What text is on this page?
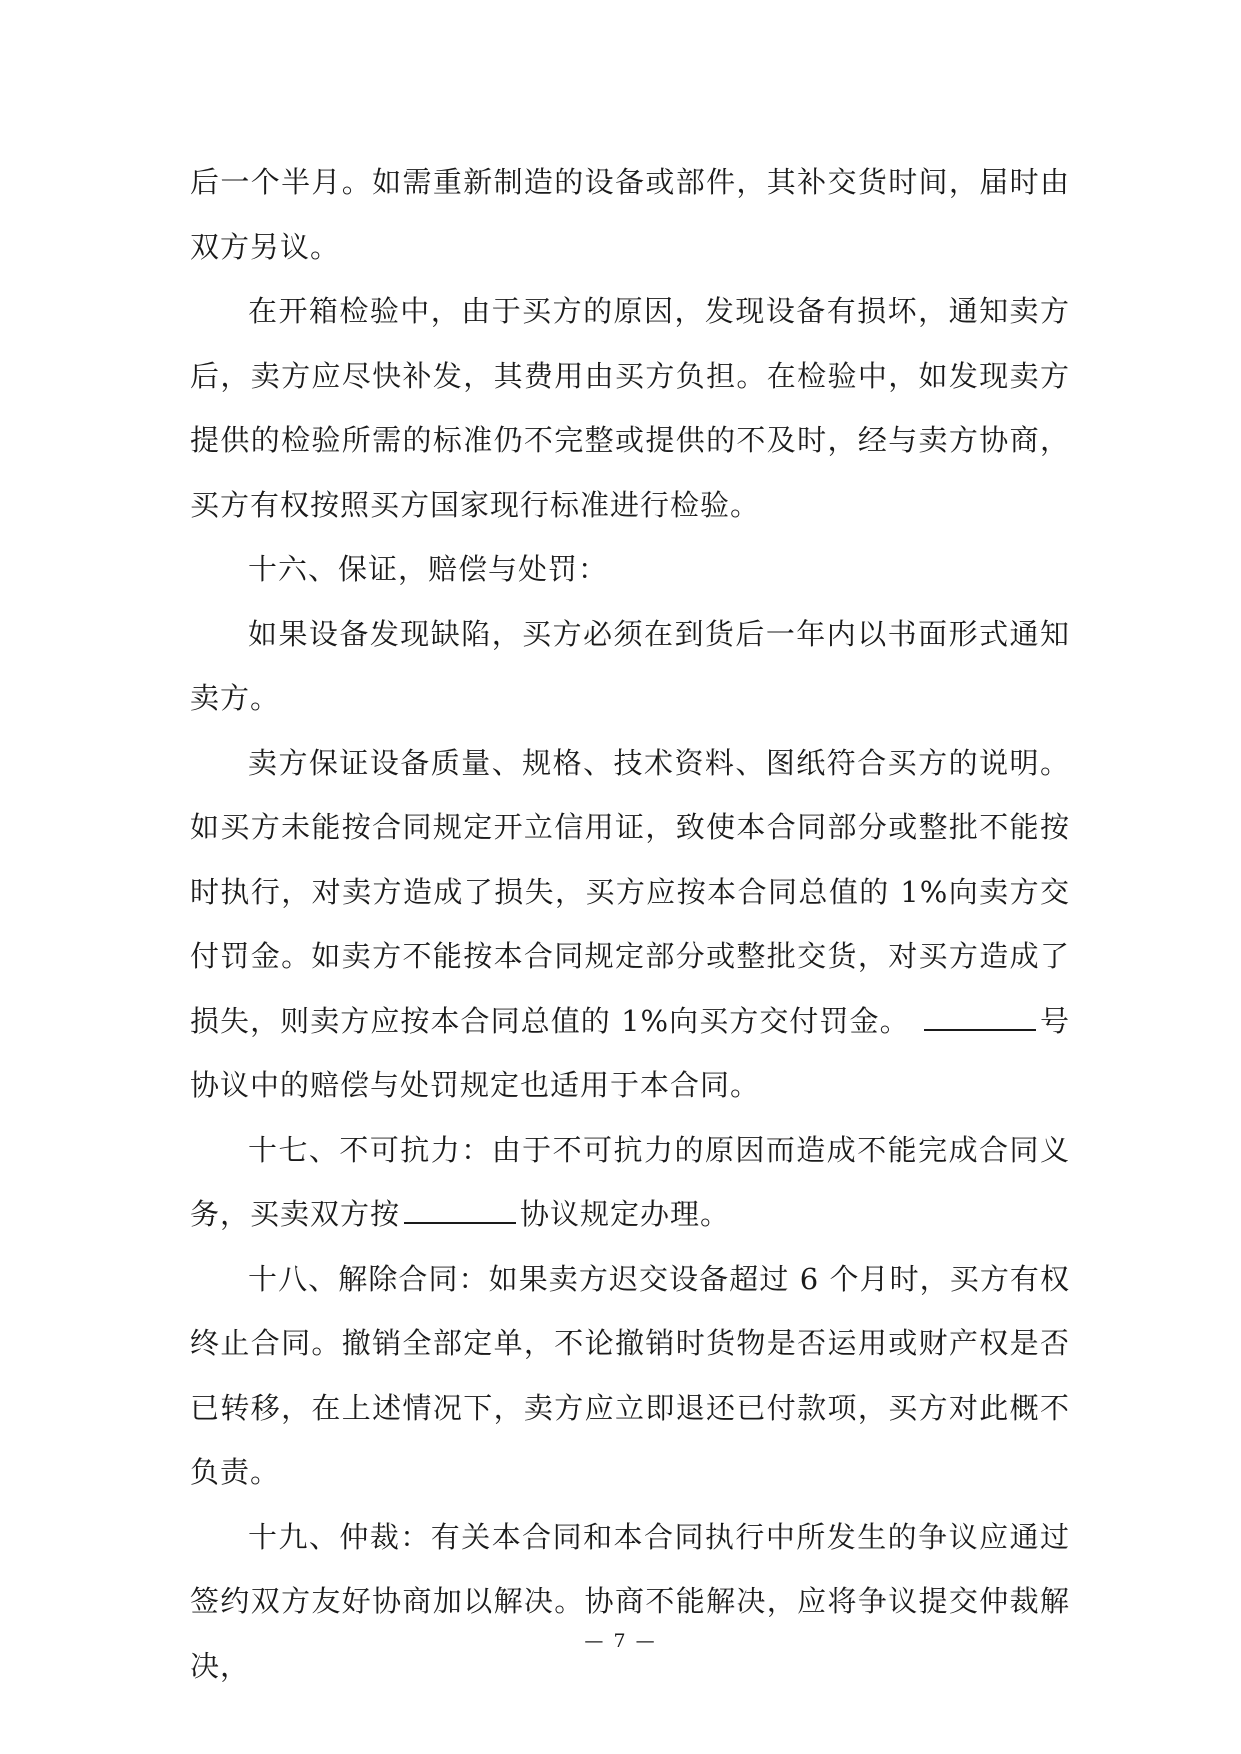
后一个半月。如需重新制造的设备或部件，其补交货时间，届时由双方另议。

在开箱检验中，由于买方的原因，发现设备有损坏，通知卖方后，卖方应尽快补发，其费用由买方负担。在检验中，如发现卖方提供的检验所需的标准仍不完整或提供的不及时，经与卖方协商，买方有权按照买方国家现行标准进行检验。

十六、保证，赔偿与处罚：

如果设备发现缺陷，买方必须在到货后一年内以书面形式通知卖方。

卖方保证设备质量、规格、技术资料、图纸符合买方的说明。如买方未能按合同规定开立信用证，致使本合同部分或整批不能按时执行，对卖方造成了损失，买方应按本合同总值的 1%向卖方交付罚金。如卖方不能按本合同规定部分或整批交货，对买方造成了损失，则卖方应按本合同总值的 1%向买方交付罚金。	号协议中的赔偿与处罚规定也适用于本合同。

十七、不可抗力：由于不可抗力的原因而造成不能完成合同义务，买卖双方按	协议规定办理。

十八、解除合同：如果卖方迟交设备超过 6 个月时，买方有权终止合同。撤销全部定单，不论撤销时货物是否运用或财产权是否已转移，在上述情况下，卖方应立即退还已付款项，买方对此概不负责。

十九、仲裁：有关本合同和本合同执行中所发生的争议应通过签约双方友好协商加以解决。协商不能解决，应将争议提交仲裁解决，

— 7 —
